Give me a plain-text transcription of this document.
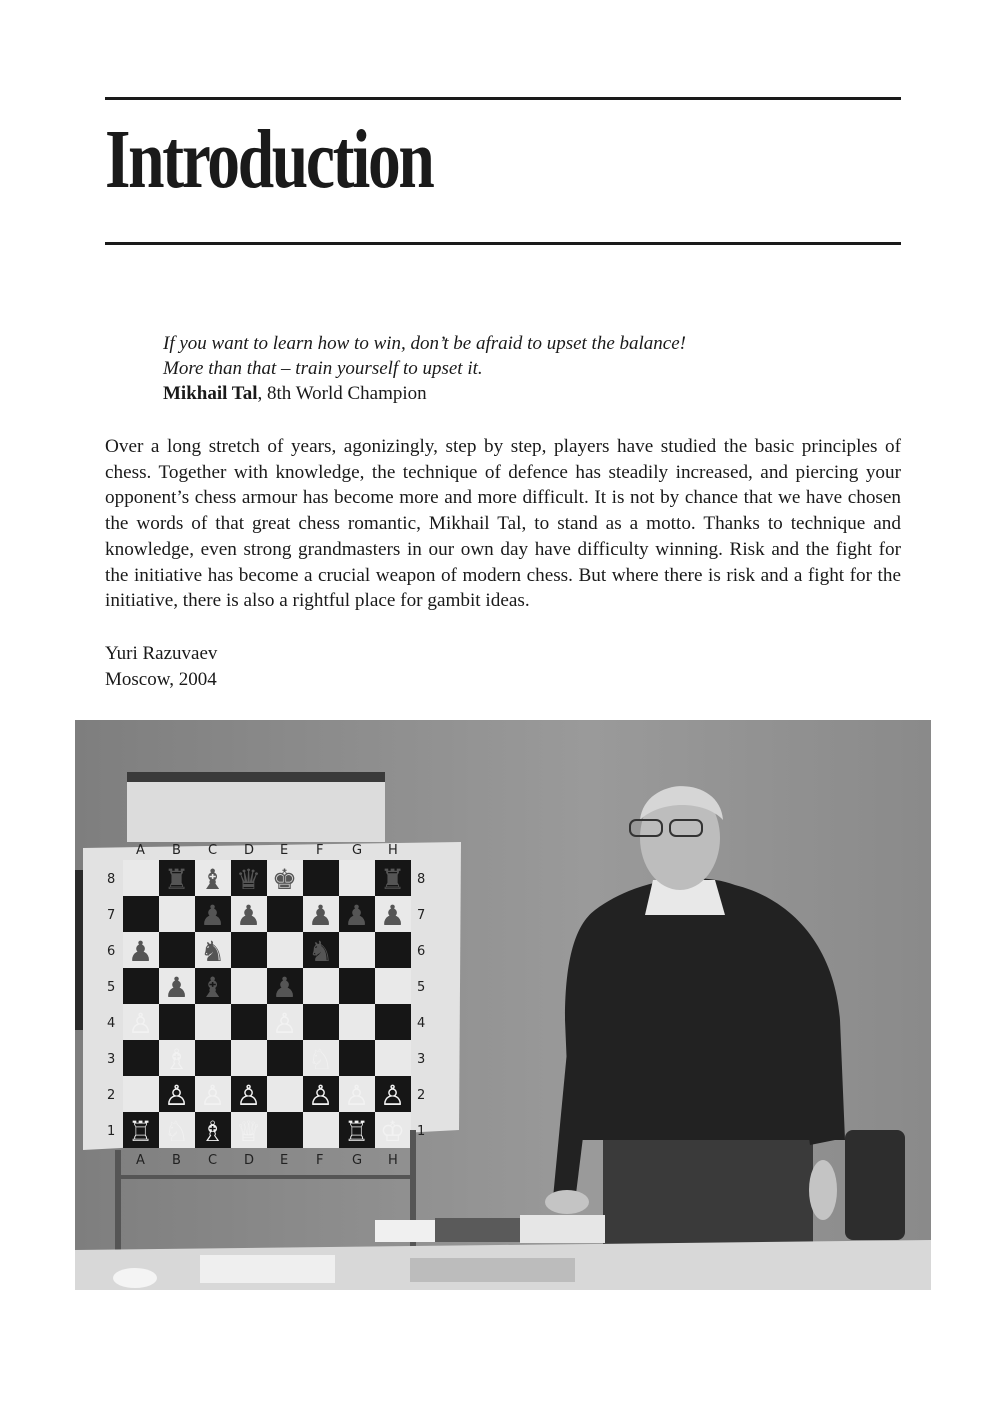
Introduction
If you want to learn how to win, don’t be afraid to upset the balance!
More than that – train yourself to upset it.
Mikhail Tal, 8th World Champion

Over a long stretch of years, agonizingly, step by step, players have studied the basic principles of chess. Together with knowledge, the technique of defence has steadily increased, and piercing your opponent’s chess armour has become more and more difficult. It is not by chance that we have chosen the words of that great chess romantic, Mikhail Tal, to stand as a motto. Thanks to technique and knowledge, even strong grandmasters in our own day have difficulty winning. Risk and the fight for the initiative has become a crucial weapon of modern chess. But where there is risk and a fight for the initiative, there is also a rightful place for gambit ideas.

Yuri Razuvaev
Moscow, 2004
A
A
B
B
C
C
D
D
E
E
F
F
G
G
H
H
8	8
7	7
6	6
5	5
4	4
3	3
2	2
1	1
♜ ♝ ♛ ♚	♜
♟ ♟ ♟ ♟ ♟
♟ ♞	♞
♟ ♝ ♟
♙	♙
♗	♘
♙ ♙ ♙ ♙ ♙ ♙
♖ ♘ ♗ ♕	♖ ♔
